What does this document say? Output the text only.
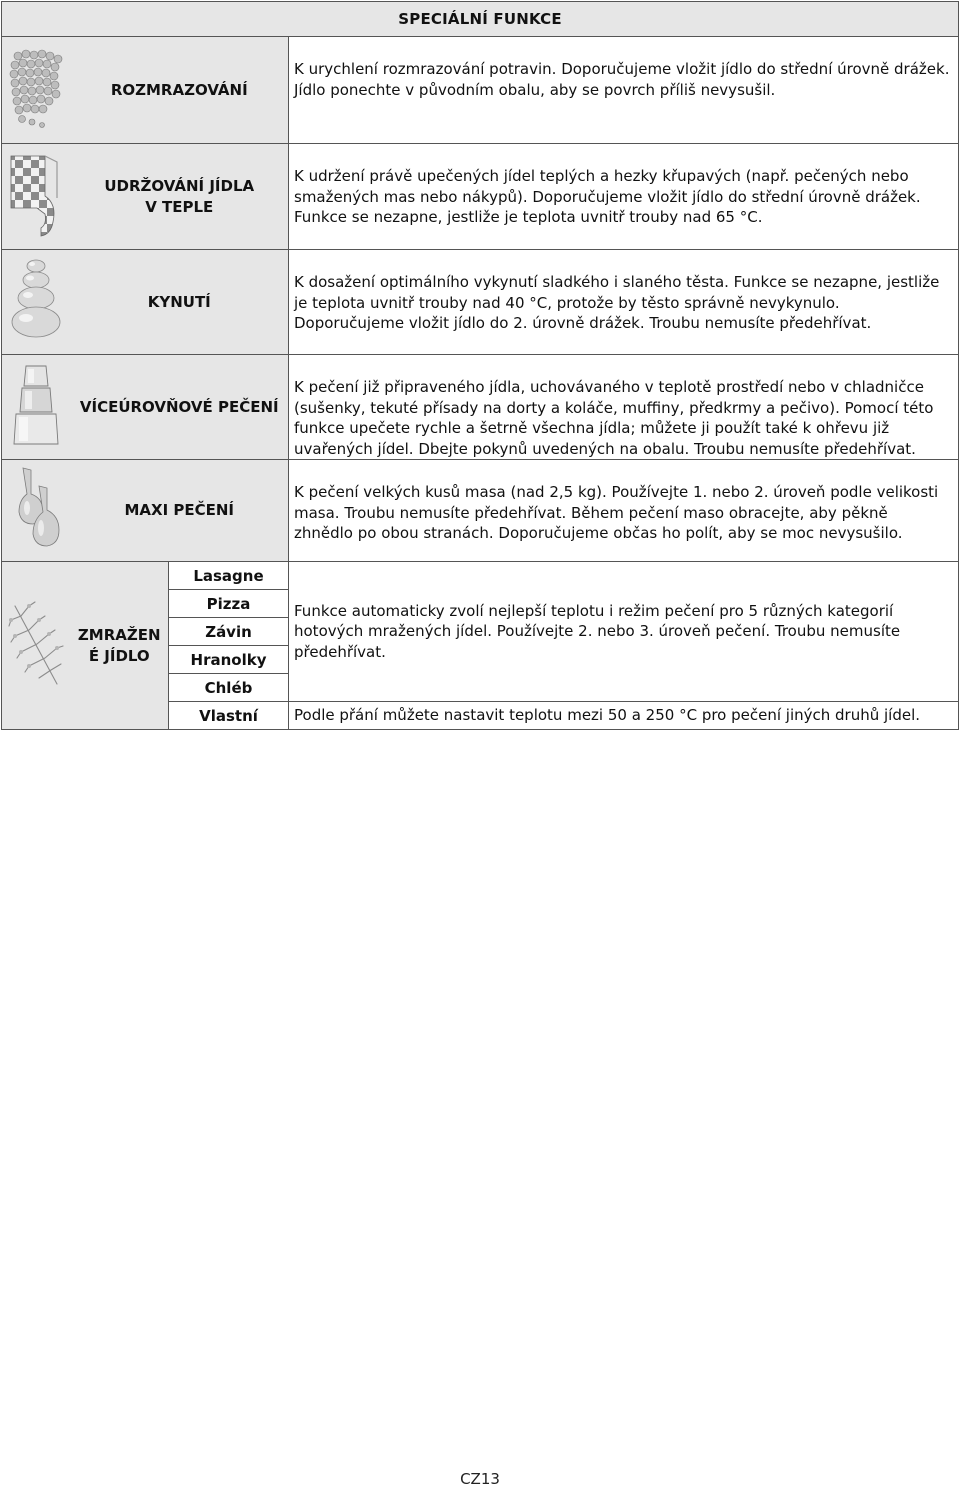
SPECIÁLNÍ FUNKCE			
	ROZMRAZOVÁNÍ		K urychlení rozmrazování potravin. Doporučujeme vložit jídlo do střední úrovně drážek. Jídlo ponechte v původním obalu, aby se povrch příliš nevysušil.

	UDRŽOVÁNÍ JÍDLA
V TEPLE		K udržení právě upečených jídel teplých a hezky křupavých (např. pečených nebo smažených mas nebo nákypů). Doporučujeme vložit jídlo do střední úrovně drážek. Funkce se nezapne, jestliže je teplota uvnitř trouby nad 65 °C.

	KYNUTÍ		K dosažení optimálního vykynutí sladkého i slaného těsta. Funkce se nezapne, jestliže je teplota uvnitř trouby nad 40 °C, protože by těsto správně nevykynulo. Doporučujeme vložit jídlo do 2. úrovně drážek. Troubu nemusíte předehřívat.

	VÍCEÚROVŇOVÉ PEČENÍ		K pečení již připraveného jídla, uchovávaného v teplotě prostředí nebo v chladničce (sušenky, tekuté přísady na dorty a koláče, muffiny, předkrmy a pečivo). Pomocí této funkce upečete rychle a šetrně všechna jídla; můžete ji použít také k ohřevu již uvařených jídel. Dbejte pokynů uvedených na obalu. Troubu nemusíte předehřívat.

	MAXI PEČENÍ		K pečení velkých kusů masa (nad 2,5 kg). Používejte 1. nebo 2. úroveň podle velikosti masa. Troubu nemusíte předehřívat. Během pečení maso obracejte, aby pěkně zhnědlo po obou stranách. Doporučujeme občas ho polít, aby se moc nevysušilo.

	ZMRAŽEN
É JÍDLO	Lasagne	Funkce automaticky zvolí nejlepší teplotu i režim pečení pro 5 různých kategorií hotových mražených jídel. Používejte 2. nebo 3. úroveň pečení. Troubu nemusíte předehřívat.

		Pizza	
		Závin	
		Hranolky	
		Chléb	
		Vlastní	Podle přání můžete nastavit teplotu mezi 50 a 250 °C pro pečení jiných druhů jídel.
CZ13
